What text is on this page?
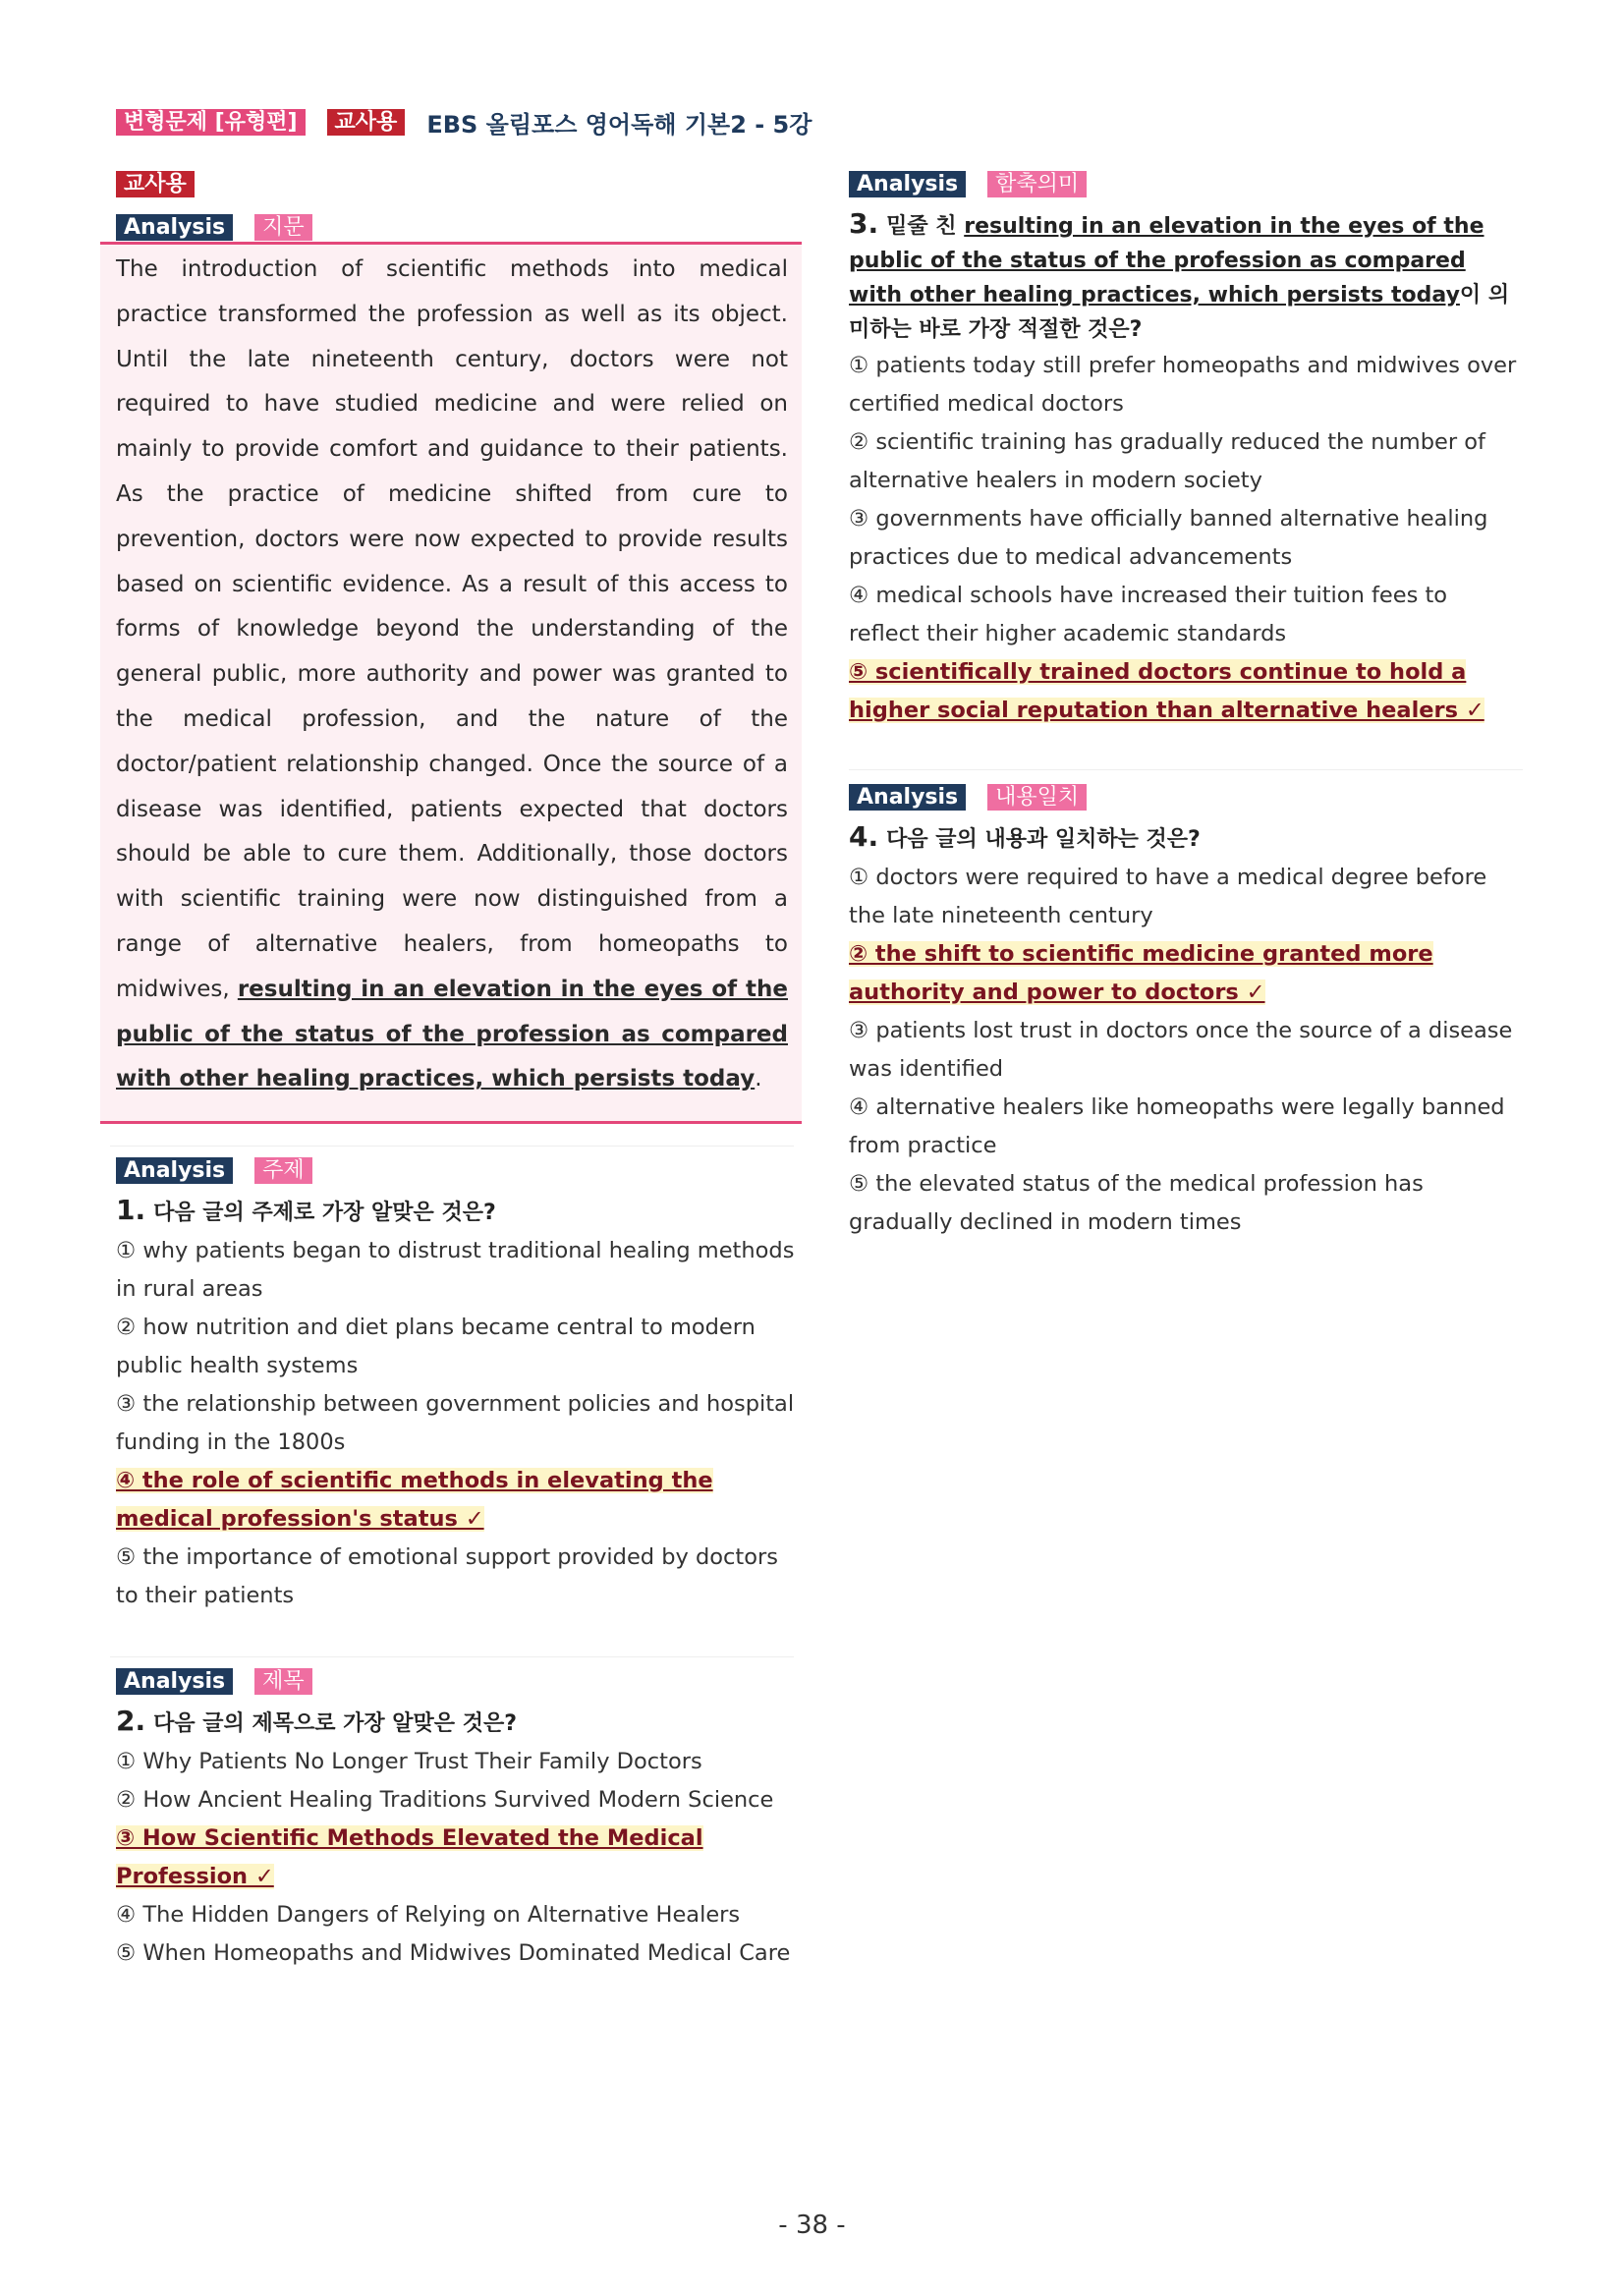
변형문제 [유형편]	교사용	EBS 올림포스 영어독해 기본2 - 5강
교사용
Analysis	지문
The introduction of scientific methods into medical practice transformed the profession as well as its object. Until the late nineteenth century, doctors were not required to have studied medicine and were relied on mainly to provide comfort and guidance to their patients. As the practice of medicine shifted from cure to prevention, doctors were now expected to provide results based on scientific evidence. As a result of this access to forms of knowledge beyond the understanding of the general public, more authority and power was granted to the medical profession, and the nature of the doctor/patient relationship changed. Once the source of a disease was identified, patients expected that doctors should be able to cure them. Additionally, those doctors with scientific training were now distinguished from a range of alternative healers, from homeopaths to midwives, resulting in an elevation in the eyes of the public of the status of the profession as compared with other healing practices, which persists today.
Analysis	주제
1. 다음 글의 주제로 가장 알맞은 것은?
① why patients began to distrust traditional healing methods in rural areas
② how nutrition and diet plans became central to modern public health systems
③ the relationship between government policies and hospital funding in the 1800s
④ the role of scientific methods in elevating the medical profession's status ✓
⑤ the importance of emotional support provided by doctors to their patients
Analysis	제목
2. 다음 글의 제목으로 가장 알맞은 것은?
① Why Patients No Longer Trust Their Family Doctors
② How Ancient Healing Traditions Survived Modern Science
③ How Scientific Methods Elevated the Medical Profession ✓
④ The Hidden Dangers of Relying on Alternative Healers
⑤ When Homeopaths and Midwives Dominated Medical Care
Analysis	함축의미
3. 밑줄 친 resulting in an elevation in the eyes of the public of the status of the profession as compared with other healing practices, which persists today이 의미하는 바로 가장 적절한 것은?
① patients today still prefer homeopaths and midwives over certified medical doctors
② scientific training has gradually reduced the number of alternative healers in modern society
③ governments have officially banned alternative healing practices due to medical advancements
④ medical schools have increased their tuition fees to reflect their higher academic standards
⑤ scientifically trained doctors continue to hold a higher social reputation than alternative healers ✓
Analysis	내용일치
4. 다음 글의 내용과 일치하는 것은?
① doctors were required to have a medical degree before the late nineteenth century
② the shift to scientific medicine granted more authority and power to doctors ✓
③ patients lost trust in doctors once the source of a disease was identified
④ alternative healers like homeopaths were legally banned from practice
⑤ the elevated status of the medical profession has gradually declined in modern times
- 38 -
